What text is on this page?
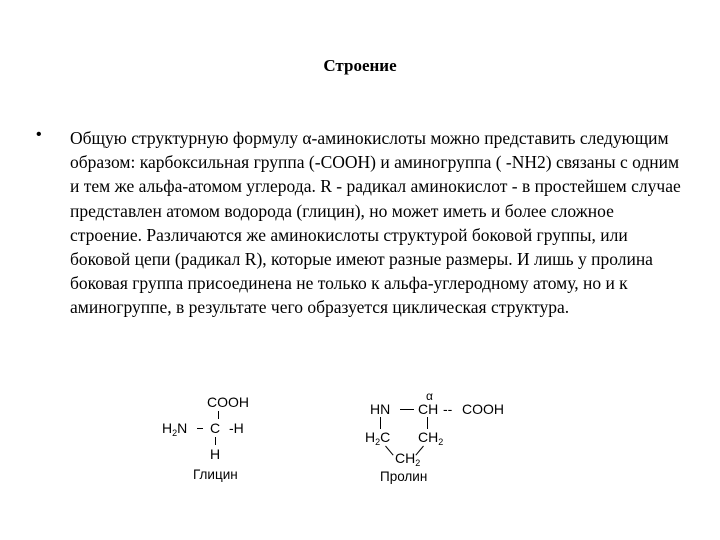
Строение
• Общую структурную формулу α-аминокислоты можно представить следующим образом: карбоксильная группа (-COOH) и аминогруппа ( -NH2) связаны с одним и тем же альфа-атомом углерода. R - радикал аминокислот - в простейшем случае представлен атомом водорода (глицин), но может иметь и более сложное строение. Различаются же аминокислоты структурой боковой группы, или боковой цепи (радикал R), которые имеют разные размеры. И лишь у пролина боковая группа присоединена не только к альфа-углеродному атому, но и к аминогруппе, в результате чего образуется циклическая структура.
COOH
$H_2N$ C -H
H
Глицин
α
HN CH -- COOH
$H_2C$ $CH_2$
$CH_2$
Пролин
